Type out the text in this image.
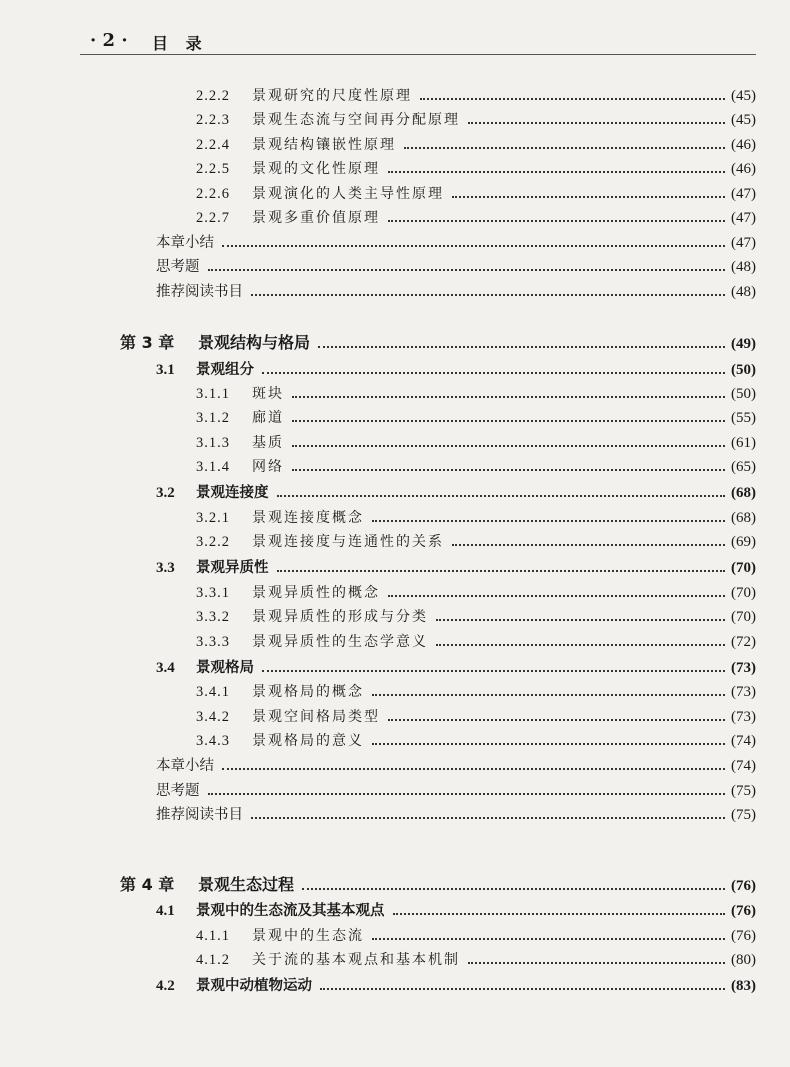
· 2 · 目 录
2.2.2	景观研究的尺度性原理	(45)
2.2.3	景观生态流与空间再分配原理	(45)
2.2.4	景观结构镶嵌性原理	(46)
2.2.5	景观的文化性原理	(46)
2.2.6	景观演化的人类主导性原理	(47)
2.2.7	景观多重价值原理	(47)
本章小结	(47)
思考题	(48)
推荐阅读书目	(48)
第 3 章	景观结构与格局	(49)
3.1	景观组分	(50)
3.1.1	斑块	(50)
3.1.2	廊道	(55)
3.1.3	基质	(61)
3.1.4	网络	(65)
3.2	景观连接度	(68)
3.2.1	景观连接度概念	(68)
3.2.2	景观连接度与连通性的关系	(69)
3.3	景观异质性	(70)
3.3.1	景观异质性的概念	(70)
3.3.2	景观异质性的形成与分类	(70)
3.3.3	景观异质性的生态学意义	(72)
3.4	景观格局	(73)
3.4.1	景观格局的概念	(73)
3.4.2	景观空间格局类型	(73)
3.4.3	景观格局的意义	(74)
本章小结	(74)
思考题	(75)
推荐阅读书目	(75)
第 4 章	景观生态过程	(76)
4.1	景观中的生态流及其基本观点	(76)
4.1.1	景观中的生态流	(76)
4.1.2	关于流的基本观点和基本机制	(80)
4.2	景观中动植物运动	(83)
